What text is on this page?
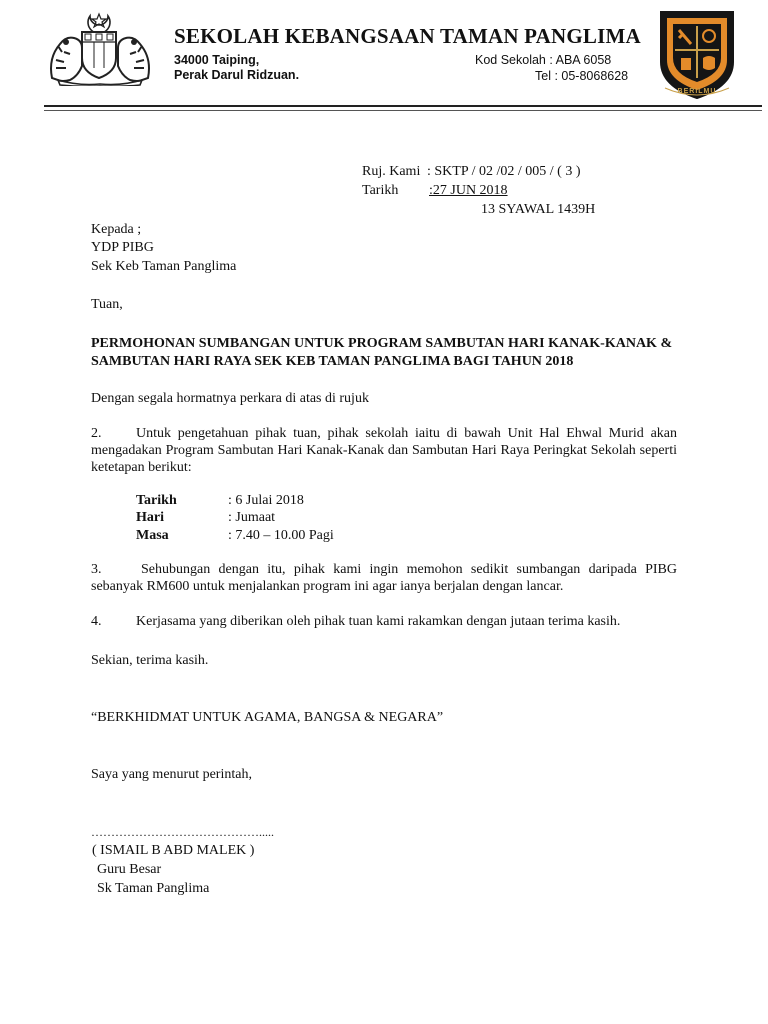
SEKOLAH KEBANGSAAN TAMAN PANGLIMA
34000 Taiping,
Perak Darul Ridzuan.
Kod Sekolah : ABA 6058
Tel : 05-8068628
BERILMU
Ruj. Kami : SKTP / 02 /02 / 005 / ( 3 )
Tarikh :27 JUN 2018
13 SYAWAL 1439H
Kepada ;
YDP PIBG
Sek Keb Taman Panglima
Tuan,
PERMOHONAN SUMBANGAN UNTUK PROGRAM SAMBUTAN HARI KANAK-KANAK &
SAMBUTAN HARI RAYA SEK KEB TAMAN PANGLIMA BAGI TAHUN 2018
Dengan segala hormatnya perkara di atas di rujuk
2.	Untuk pengetahuan pihak tuan, pihak sekolah iaitu di bawah Unit Hal Ehwal Murid akan mengadakan Program Sambutan Hari Kanak-Kanak dan Sambutan Hari Raya Peringkat Sekolah seperti ketetapan berikut:
Tarikh	: 6 Julai 2018
Hari	: Jumaat
Masa	: 7.40 – 10.00 Pagi
3.	Sehubungan dengan itu, pihak kami ingin memohon sedikit sumbangan daripada PIBG sebanyak RM600 untuk menjalankan program ini agar ianya berjalan dengan lancar.
4. Kerjasama yang diberikan oleh pihak tuan kami rakamkan dengan jutaan terima kasih.
Sekian, terima kasih.
“BERKHIDMAT UNTUK AGAMA, BANGSA & NEGARA”
Saya yang menurut perintah,
…………………………………….....
( ISMAIL B ABD MALEK )
Guru Besar
Sk Taman Panglima
